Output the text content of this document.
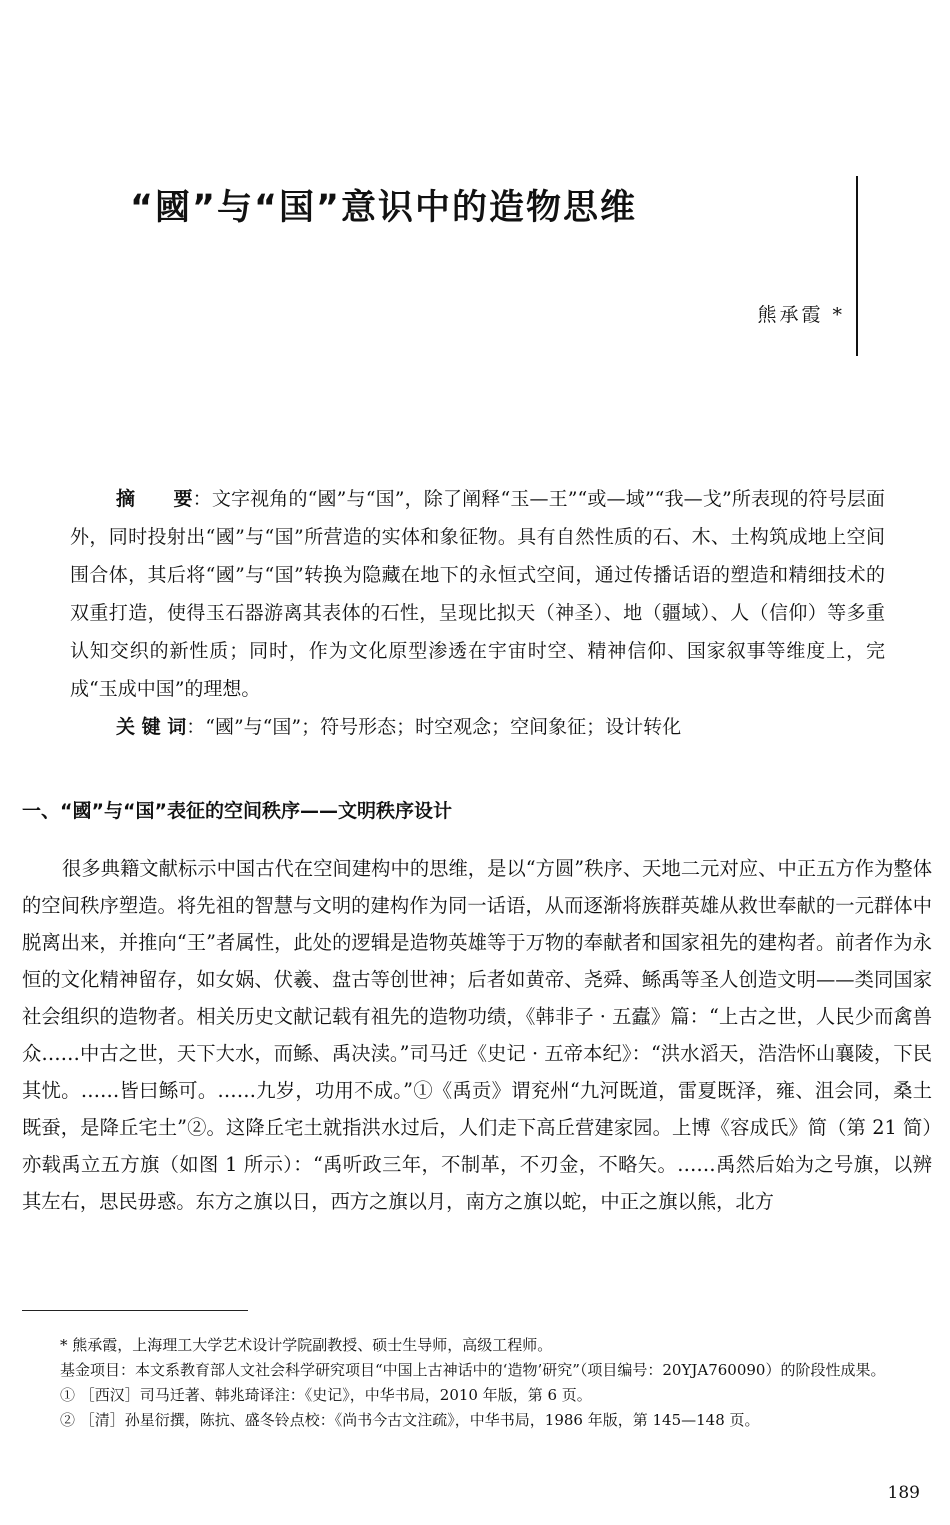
“國”与“国”意识中的造物思维
熊承霞 *

摘　　要：文字视角的“國”与“国”，除了阐释“玉—王”“或—域”“我—戈”所表现的符号层面外，同时投射出“國”与“国”所营造的实体和象征物。具有自然性质的石、木、土构筑成地上空间围合体，其后将“國”与“国”转换为隐藏在地下的永恒式空间，通过传播话语的塑造和精细技术的双重打造，使得玉石器游离其表体的石性，呈现比拟天（神圣）、地（疆域）、人（信仰）等多重认知交织的新性质；同时，作为文化原型渗透在宇宙时空、精神信仰、国家叙事等维度上，完成“玉成中国”的理想。

关 键 词：“國”与“国”；符号形态；时空观念；空间象征；设计转化

一、“國”与“国”表征的空间秩序——文明秩序设计

很多典籍文献标示中国古代在空间建构中的思维，是以“方圆”秩序、天地二元对应、中正五方作为整体的空间秩序塑造。将先祖的智慧与文明的建构作为同一话语，从而逐渐将族群英雄从救世奉献的一元群体中脱离出来，并推向“王”者属性，此处的逻辑是造物英雄等于万物的奉献者和国家祖先的建构者。前者作为永恒的文化精神留存，如女娲、伏羲、盘古等创世神；后者如黄帝、尧舜、鲧禹等圣人创造文明——类同国家社会组织的造物者。相关历史文献记载有祖先的造物功绩，《韩非子 · 五蠹》篇：“上古之世，人民少而禽兽众……中古之世，天下大水，而鲧、禹决渎。”司马迁《史记 · 五帝本纪》：“洪水滔天，浩浩怀山襄陵，下民其忧。……皆曰鲧可。……九岁，功用不成。”①《禹贡》谓兖州“九河既道，雷夏既泽，雍、沮会同，桑土既蚕，是降丘宅土”②。这降丘宅土就指洪水过后，人们走下高丘营建家园。上博《容成氏》简（第 21 简）亦载禹立五方旗（如图 1 所示）：“禹听政三年，不制革，不刃金，不略矢。……禹然后始为之号旗，以辨其左右，思民毋惑。东方之旗以日，西方之旗以月，南方之旗以蛇，中正之旗以熊，北方

* 熊承霞，上海理工大学艺术设计学院副教授、硕士生导师，高级工程师。

基金项目：本文系教育部人文社会科学研究项目“中国上古神话中的‘造物’研究”（项目编号：20YJA760090）的阶段性成果。

① ［西汉］司马迁著、韩兆琦译注：《史记》，中华书局，2010 年版，第 6 页。

② ［清］孙星衍撰，陈抗、盛冬铃点校：《尚书今古文注疏》，中华书局，1986 年版，第 145—148 页。

189
